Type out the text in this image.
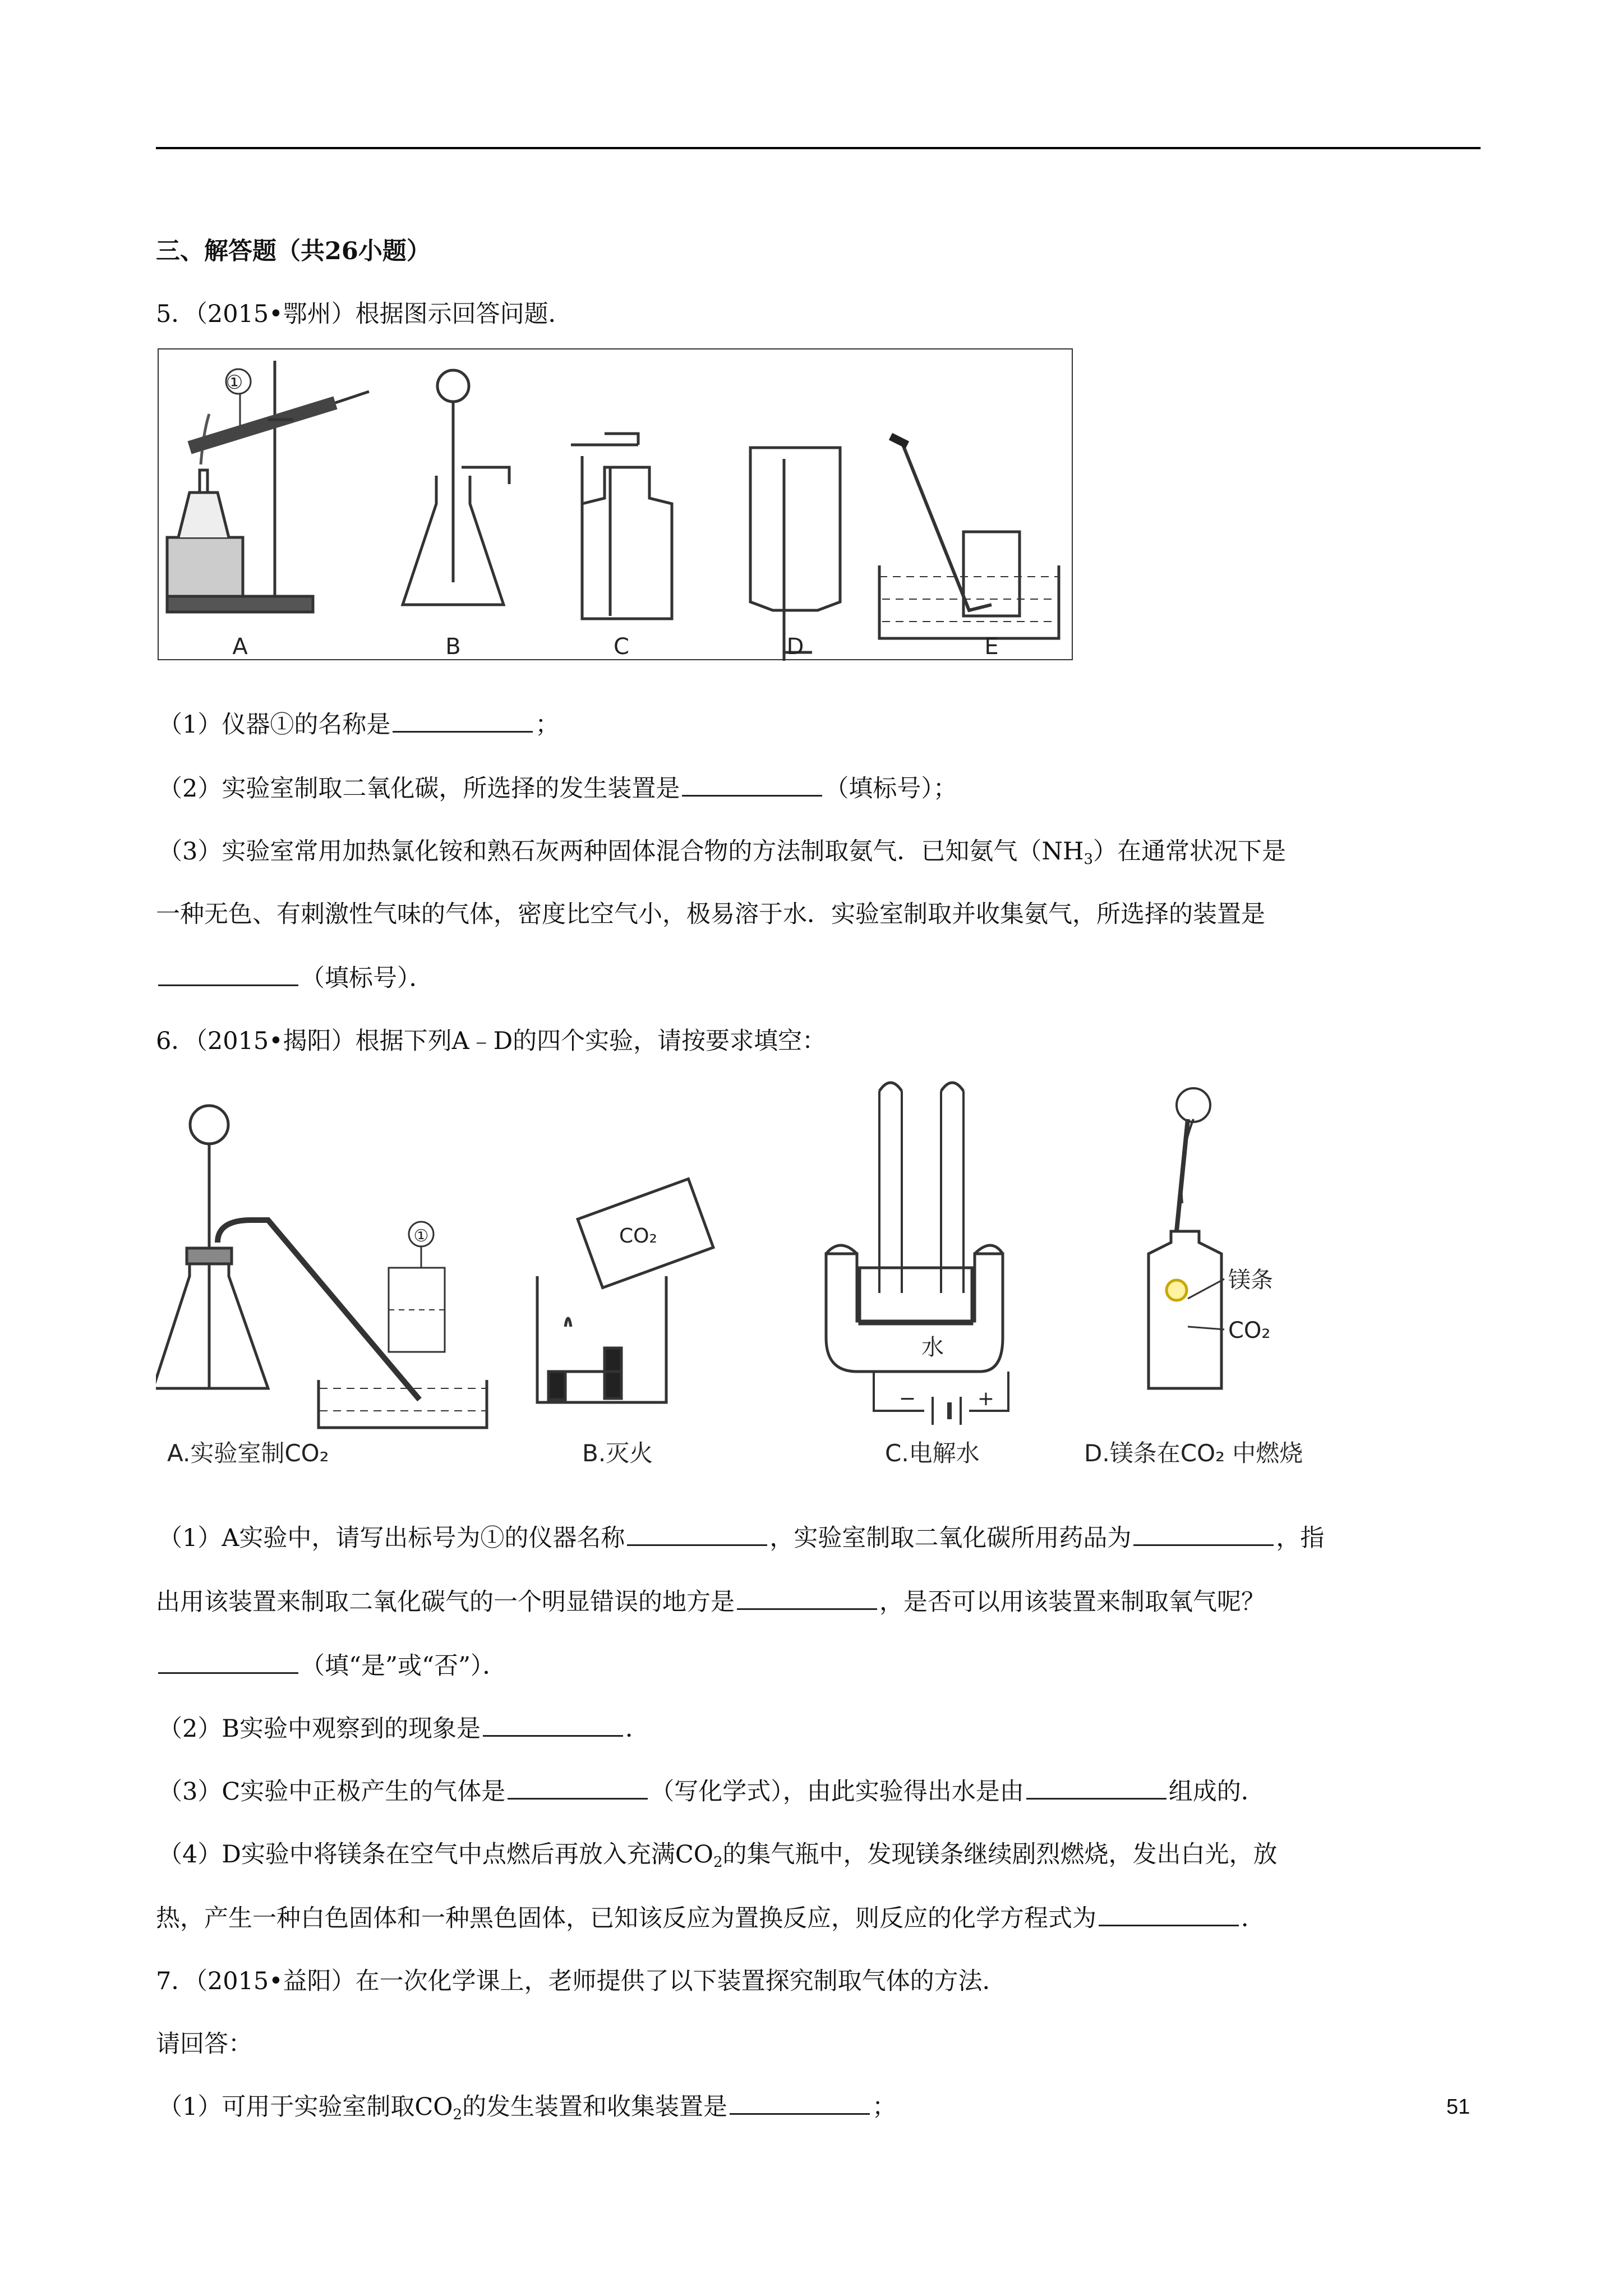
三、解答题（共26小题）
5．（2015•鄂州）根据图示回答问题．
①
A	B	C	D	E
（1）仪器①的名称是	；
（2）实验室制取二氧化碳，所选择的发生装置是	（填标号）；
（3）实验室常用加热氯化铵和熟石灰两种固体混合物的方法制取氨气．已知氨气$(NH_3)$在通常状况下是
一种无色、有刺激性气味的气体，密度比空气小，极易溶于水．实验室制取并收集氨气，所选择的装置是
（填标号）．
6．（2015•揭阳）根据下列A﹣D的四个实验，请按要求填空：
①	CO₂
水
−	+
镁条
CO₂
A.实验室制CO₂	B.灭火	C.电解水	D.镁条在CO₂ 中燃烧
（1）A实验中，请写出标号为①的仪器名称	，实验室制取二氧化碳所用药品为	，指
出用该装置来制取二氧化碳气的一个明显错误的地方是	，是否可以用该装置来制取氧气呢？
（填“是”或“否”）．
（2）B实验中观察到的现象是	．
（3）C实验中正极产生的气体是	（写化学式），由此实验得出水是由	组成的．
（4）D实验中将镁条在空气中点燃后再放入充满$CO_2$的集气瓶中，发现镁条继续剧烈燃烧，发出白光，放
热，产生一种白色固体和一种黑色固体，已知该反应为置换反应，则反应的化学方程式为	．
7．（2015•益阳）在一次化学课上，老师提供了以下装置探究制取气体的方法．
请回答：
（1）可用于实验室制取$CO_2$的发生装置和收集装置是	；	51
